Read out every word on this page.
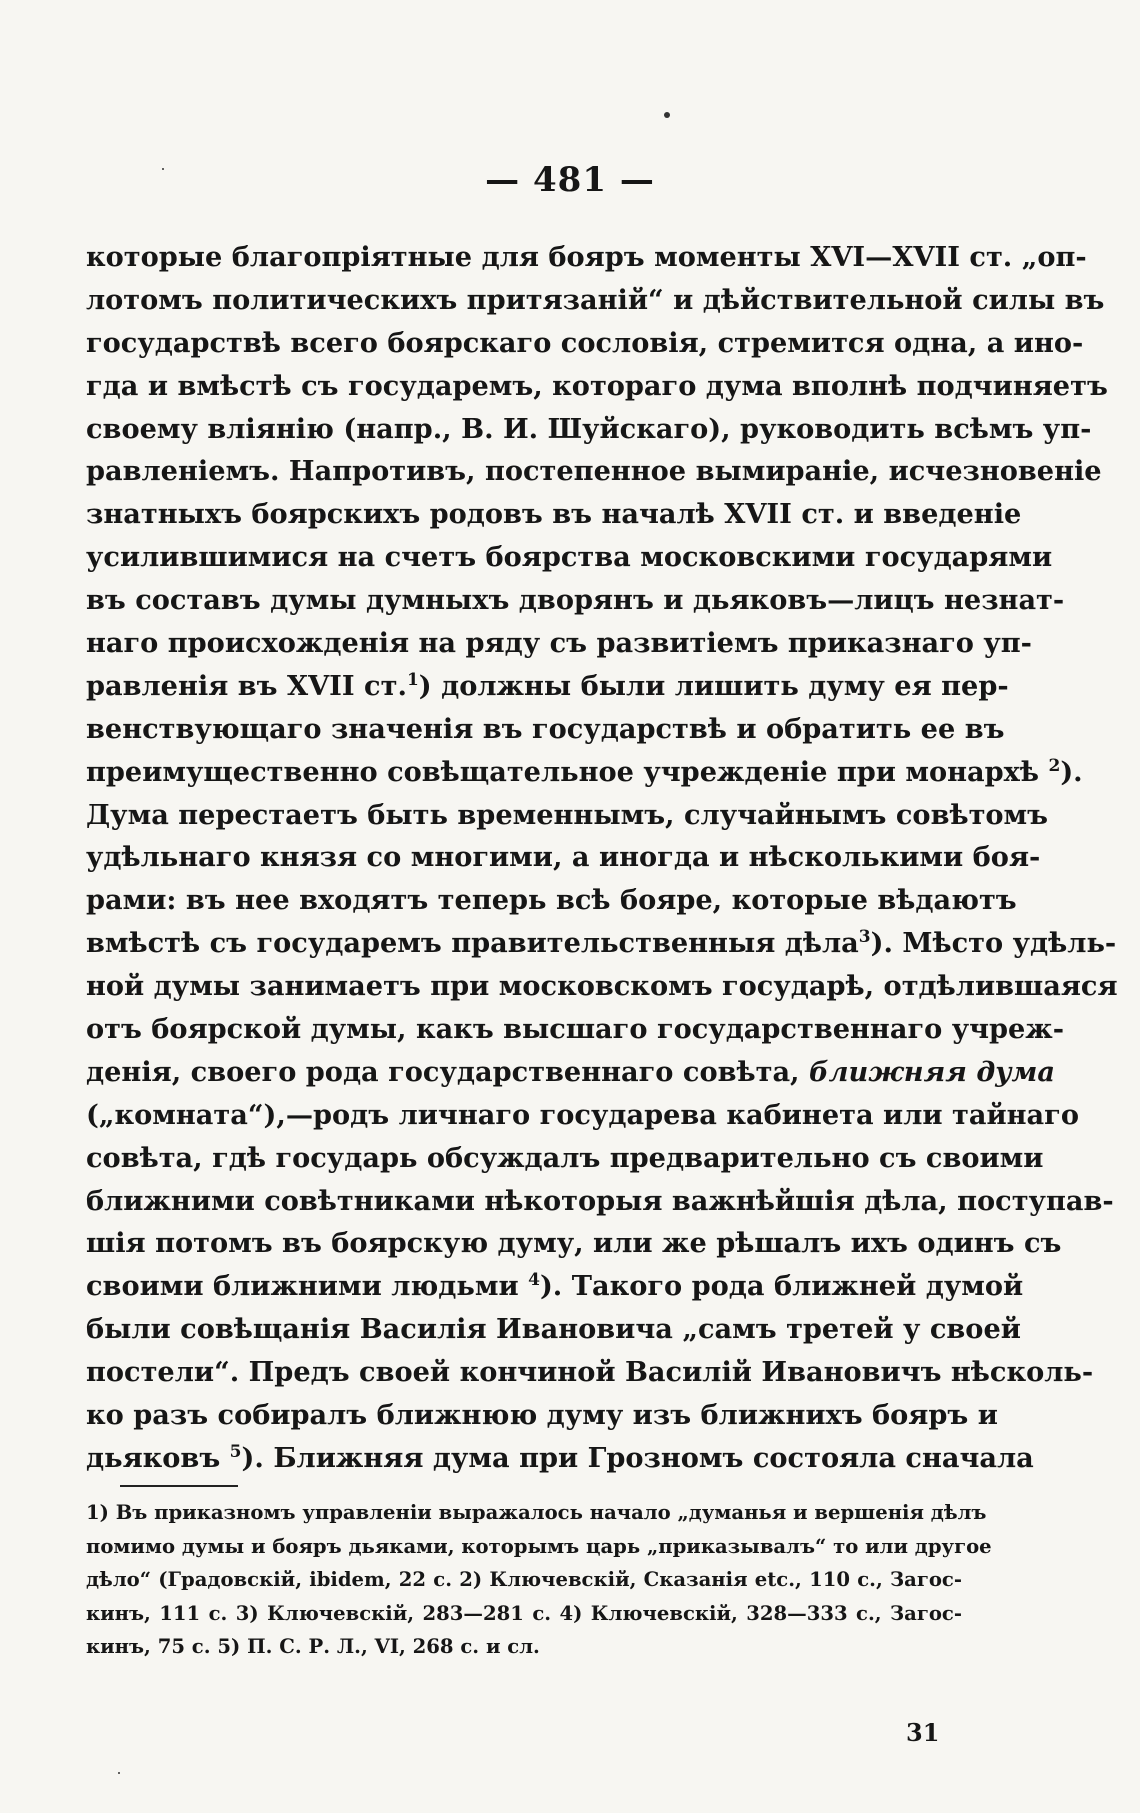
— 481 —
которые благопріятные для бояръ моменты XVI—XVII ст. „оп-
лотомъ политическихъ притязаній“ и дѣйствительной силы въ
государствѣ всего боярскаго сословія, стремится одна, а ино-
гда и вмѣстѣ съ государемъ, котораго дума вполнѣ подчиняетъ
своему вліянію (напр., В. И. Шуйскаго), руководить всѣмъ уп-
равленіемъ. Напротивъ, постепенное вымираніе, исчезновеніе
знатныхъ боярскихъ родовъ въ началѣ XVII ст. и введеніе
усилившимися на счетъ боярства московскими государями
въ составъ думы думныхъ дворянъ и дьяковъ—лицъ незнат-
наго происхожденія на ряду съ развитіемъ приказнаго уп-
равленія въ XVII ст.$^1$) должны были лишить думу ея пер-
венствующаго значенія въ государствѣ и обратить ее въ
преимущественно совѣщательное учрежденіе при монархѣ $^2$).
Дума перестаетъ быть временнымъ, случайнымъ совѣтомъ
удѣльнаго князя со многими, а иногда и нѣсколькими боя-
рами: въ нее входятъ теперь всѣ бояре, которые вѣдаютъ
вмѣстѣ съ государемъ правительственныя дѣла$^3$). Мѣсто удѣль-
ной думы занимаетъ при московскомъ государѣ, отдѣлившаяся
отъ боярской думы, какъ высшаго государственнаго учреж-
денія, своего рода государственнаго совѣта, ближняя дума
(„комната“),—родъ личнаго государева кабинета или тайнаго
совѣта, гдѣ государь обсуждалъ предварительно съ своими
ближними совѣтниками нѣкоторыя важнѣйшія дѣла, поступав-
шія потомъ въ боярскую думу, или же рѣшалъ ихъ одинъ съ
своими ближними людьми $^4$). Такого рода ближней думой
были совѣщанія Василія Ивановича „самъ третей у своей
постели“. Предъ своей кончиной Василій Ивановичъ нѣсколь-
ко разъ собиралъ ближнюю думу изъ ближнихъ бояръ и
дьяковъ $^5$). Ближняя дума при Грозномъ состояла сначала
1) Въ приказномъ управленіи выражалось начало „думанья и вершенія дѣлъ
помимо думы и бояръ дьяками, которымъ царь „приказывалъ“ то или другое
дѣло“ (Градовскій, ibidem, 22 с. 2) Ключевскій, Сказанія etc., 110 с., Загос-
кинъ, 111 с. 3) Ключевскій, 283—281 с. 4) Ключевскій, 328—333 с., Загос-
кинъ, 75 с. 5) П. С. Р. Л., VI, 268 с. и сл.
31
